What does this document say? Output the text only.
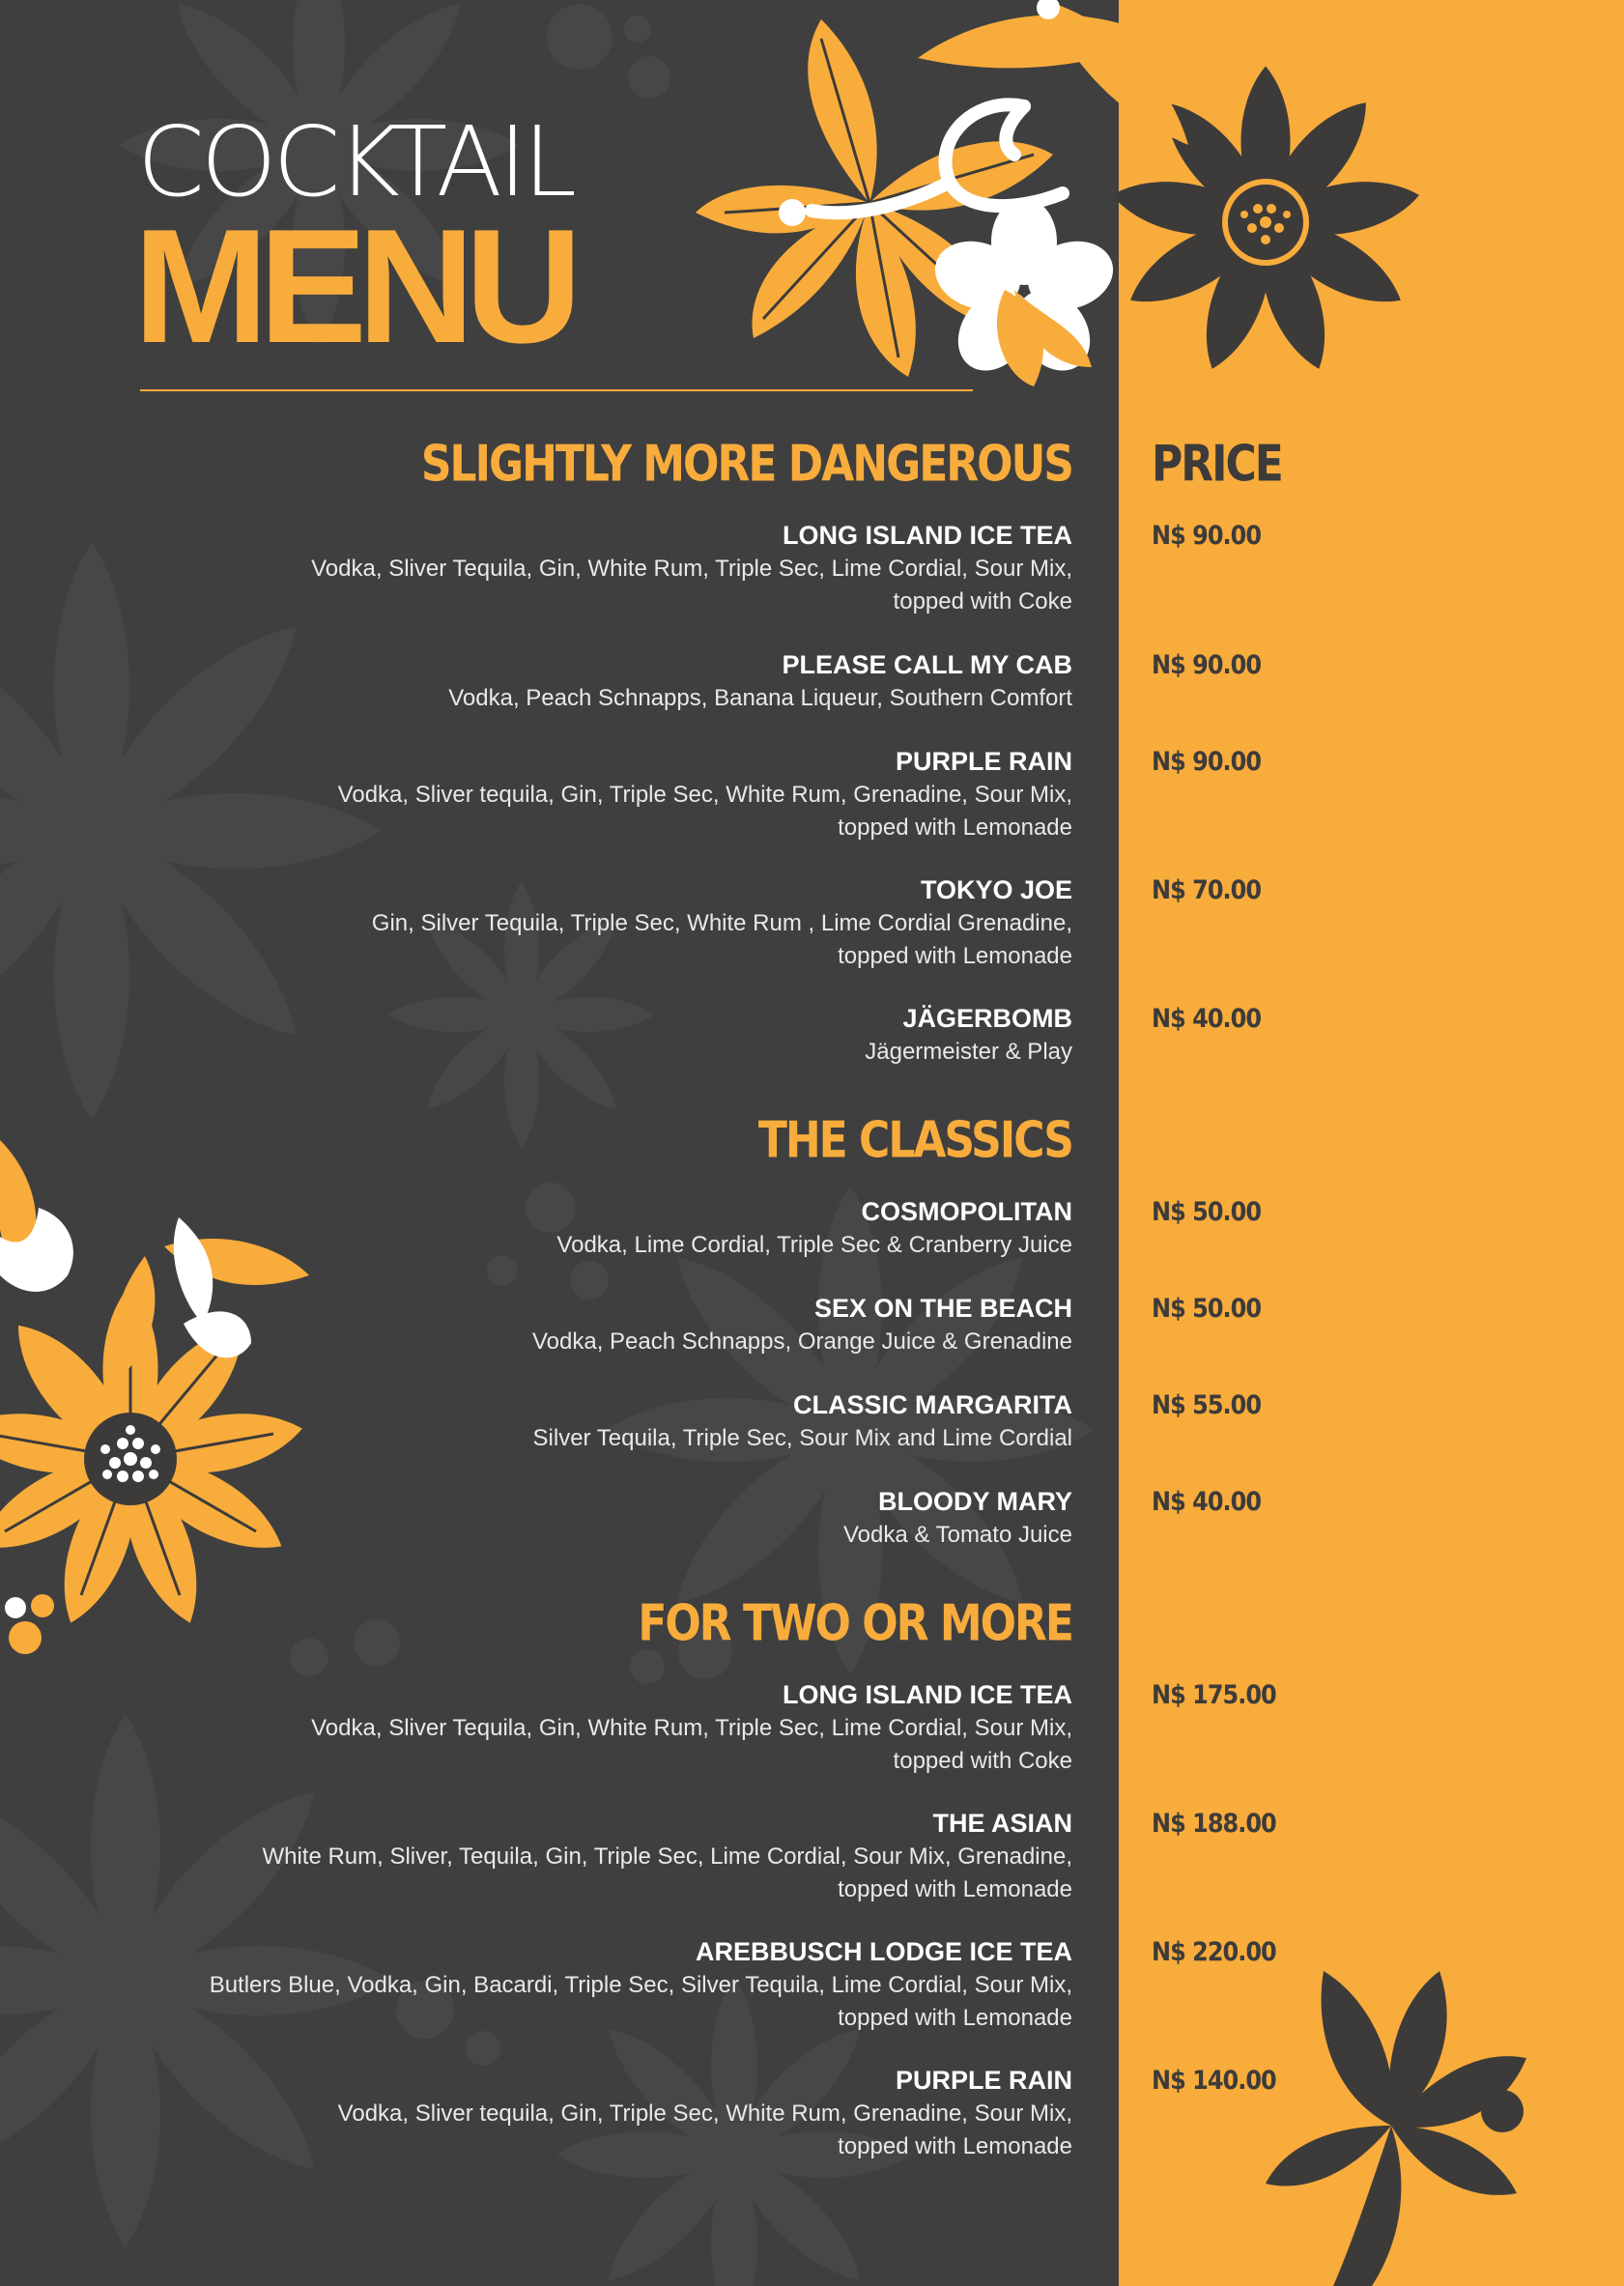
COCKTAIL
MENU
PRICE
SLIGHTLY MORE DANGEROUS
LONG ISLAND ICE TEA
Vodka, Sliver Tequila, Gin, White Rum, Triple Sec, Lime Cordial, Sour Mix,
topped with Coke
N$ 90.00
PLEASE CALL MY CAB
Vodka, Peach Schnapps, Banana Liqueur, Southern Comfort
N$ 90.00
PURPLE RAIN
Vodka, Sliver tequila, Gin, Triple Sec, White Rum, Grenadine, Sour Mix,
topped with Lemonade
N$ 90.00
TOKYO JOE
Gin, Silver Tequila, Triple Sec, White Rum , Lime Cordial Grenadine,
topped with Lemonade
N$ 70.00
JÄGERBOMB
Jägermeister & Play
N$ 40.00
THE CLASSICS
COSMOPOLITAN
Vodka, Lime Cordial, Triple Sec & Cranberry Juice
N$ 50.00
SEX ON THE BEACH
Vodka, Peach Schnapps, Orange Juice & Grenadine
N$ 50.00
CLASSIC MARGARITA
Silver Tequila, Triple Sec, Sour Mix and Lime Cordial
N$ 55.00
BLOODY MARY
Vodka & Tomato Juice
N$ 40.00
FOR TWO OR MORE
LONG ISLAND ICE TEA
Vodka, Sliver Tequila, Gin, White Rum, Triple Sec, Lime Cordial, Sour Mix,
topped with Coke
N$ 175.00
THE ASIAN
White Rum, Sliver, Tequila, Gin, Triple Sec, Lime Cordial, Sour Mix, Grenadine,
topped with Lemonade
N$ 188.00
AREBBUSCH LODGE ICE TEA
Butlers Blue, Vodka, Gin, Bacardi, Triple Sec, Silver Tequila, Lime Cordial, Sour Mix,
topped with Lemonade
N$ 220.00
PURPLE RAIN
Vodka, Sliver tequila, Gin, Triple Sec, White Rum, Grenadine, Sour Mix,
topped with Lemonade
N$ 140.00
